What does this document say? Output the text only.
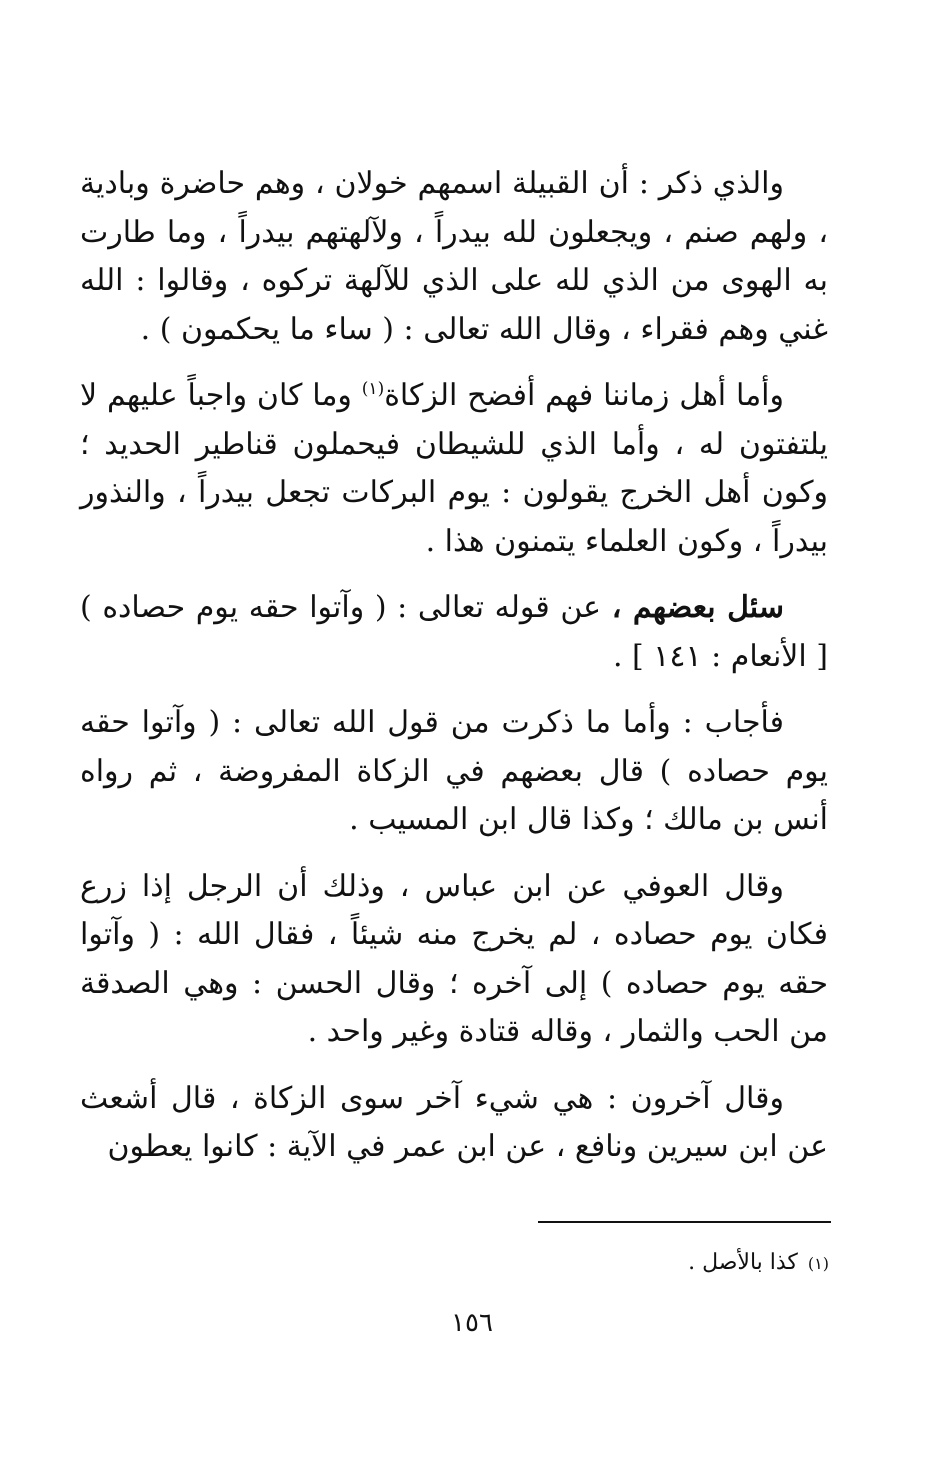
والذي ذكر : أن القبيلة اسمهم خولان ، وهم حاضرة وبادية ، ولهم صنم ، ويجعلون لله بيدراً ، ولآلهتهم بيدراً ، وما طارت به الهوى من الذي لله على الذي للآلهة تركوه ، وقالوا : الله غني وهم فقراء ، وقال الله تعالى : ( ساء ما يحكمون ) .

وأما أهل زماننا فهم أفضح الزكاة$^{(١)}$ وما كان واجباً عليهم لا يلتفتون له ، وأما الذي للشيطان فيحملون قناطير الحديد ؛ وكون أهل الخرج يقولون : يوم البركات تجعل بيدراً ، والنذور بيدراً ، وكون العلماء يتمنون هذا .

سئل بعضهم ، عن قوله تعالى : ( وآتوا حقه يوم حصاده ) [ الأنعام : ١٤١ ] .

فأجاب : وأما ما ذكرت من قول الله تعالى : ( وآتوا حقه يوم حصاده ) قال بعضهم في الزكاة المفروضة ، ثم رواه أنس بن مالك ؛ وكذا قال ابن المسيب .

وقال العوفي عن ابن عباس ، وذلك أن الرجل إذا زرع فكان يوم حصاده ، لم يخرج منه شيئاً ، فقال الله : ( وآتوا حقه يوم حصاده ) إلى آخره ؛ وقال الحسن : وهي الصدقة من الحب والثمار ، وقاله قتادة وغير واحد .

وقال آخرون : هي شيء آخر سوى الزكاة ، قال أشعث عن ابن سيرين ونافع ، عن ابن عمر في الآية : كانوا يعطون

(١)كذا بالأصل .
١٥٦
